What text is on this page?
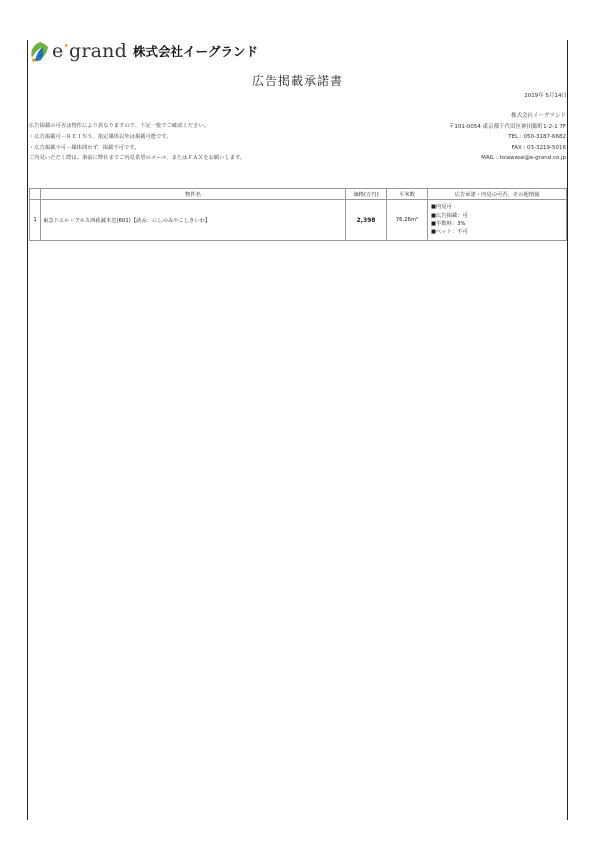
e•grand 株式会社イーグランド
広告掲載承諾書
2019年 5月14日
株式会社イーグランド
〒101-0054 東京都千代田区神田錦町1-2-1 7F
TEL : 050-3187-6682
FAX : 03-3219-5016
MAIL : toiawase@e-grand.co.jp
広告掲載の可否は物件により異なりますので、下記一覧でご確認ください。
・広告掲載可－ＲＥＩＮＳ、指定媒体以外は掲載可能です。
・広告掲載不可－媒体問わず、掲載不可です。
ご内見いただく際は、事前に弊社までご内見希望のメール、またはＦＡＸをお願いします。
	物件名	価格(万円)	平米数	広告承諾・内見の可否、その他情報
1	東急ドエル・アルス西荻誠木壱(601)【読み：にしのみやこしきいわ】	2,398	76.26m²	■内見可
■広告掲載：可
■手数料：3%
■ペット：不可
